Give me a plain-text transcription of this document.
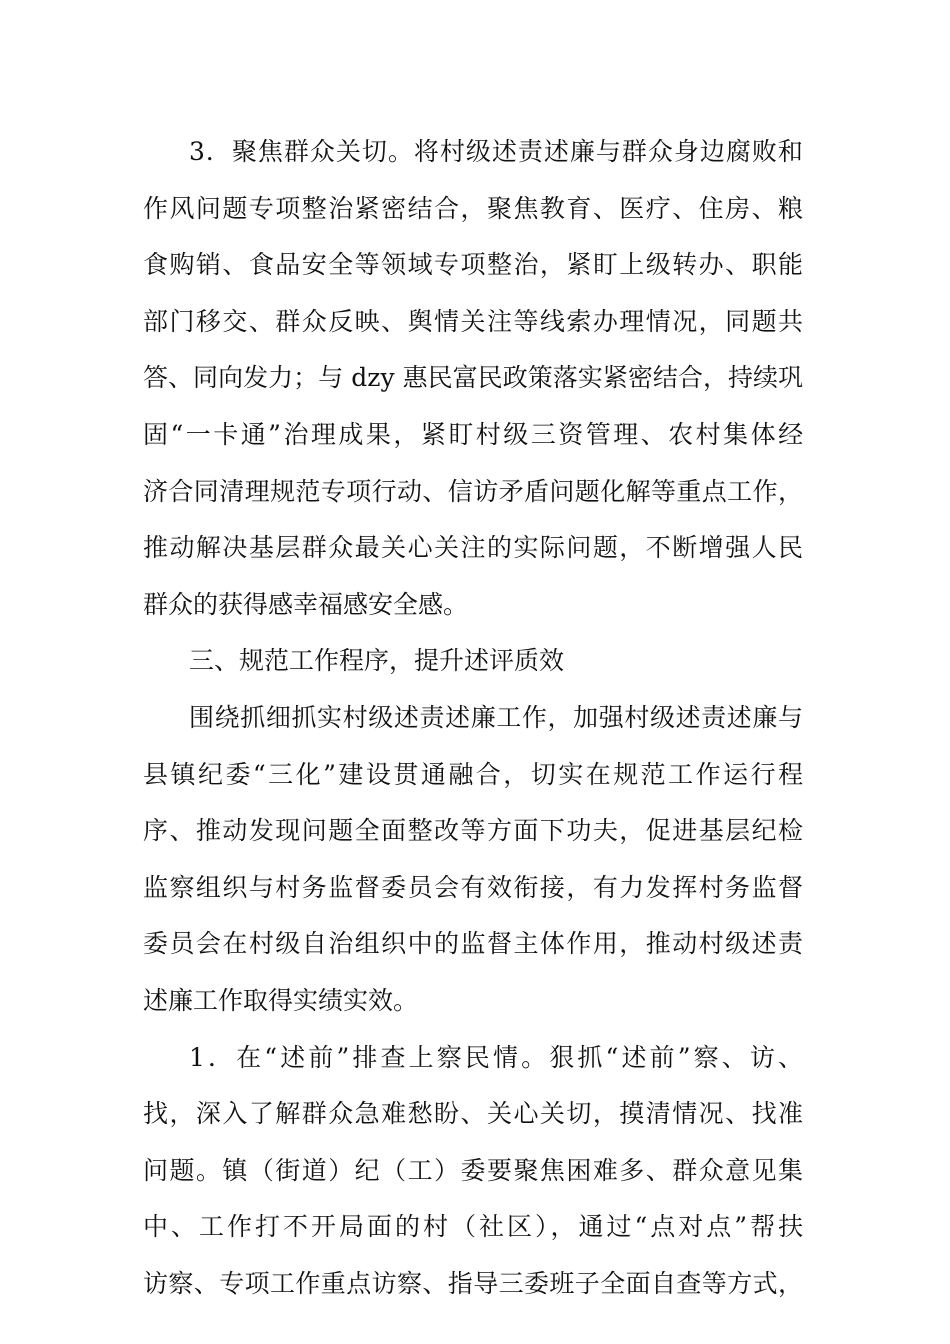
3．聚焦群众关切。将村级述责述廉与群众身边腐败和
作风问题专项整治紧密结合，聚焦教育、医疗、住房、粮
食购销、食品安全等领域专项整治，紧盯上级转办、职能
部门移交、群众反映、舆情关注等线索办理情况，同题共
答、同向发力；与 dzy 惠民富民政策落实紧密结合，持续巩
固“一卡通”治理成果，紧盯村级三资管理、农村集体经
济合同清理规范专项行动、信访矛盾问题化解等重点工作，
推动解决基层群众最关心关注的实际问题，不断增强人民
群众的获得感幸福感安全感。
三、规范工作程序，提升述评质效
围绕抓细抓实村级述责述廉工作，加强村级述责述廉与
县镇纪委“三化”建设贯通融合，切实在规范工作运行程
序、推动发现问题全面整改等方面下功夫，促进基层纪检
监察组织与村务监督委员会有效衔接，有力发挥村务监督
委员会在村级自治组织中的监督主体作用，推动村级述责
述廉工作取得实绩实效。
1．在“述前”排查上察民情。狠抓“述前”察、访、
找，深入了解群众急难愁盼、关心关切，摸清情况、找准
问题。镇（街道）纪（工）委要聚焦困难多、群众意见集
中、工作打不开局面的村（社区），通过“点对点”帮扶
访察、专项工作重点访察、指导三委班子全面自查等方式，
